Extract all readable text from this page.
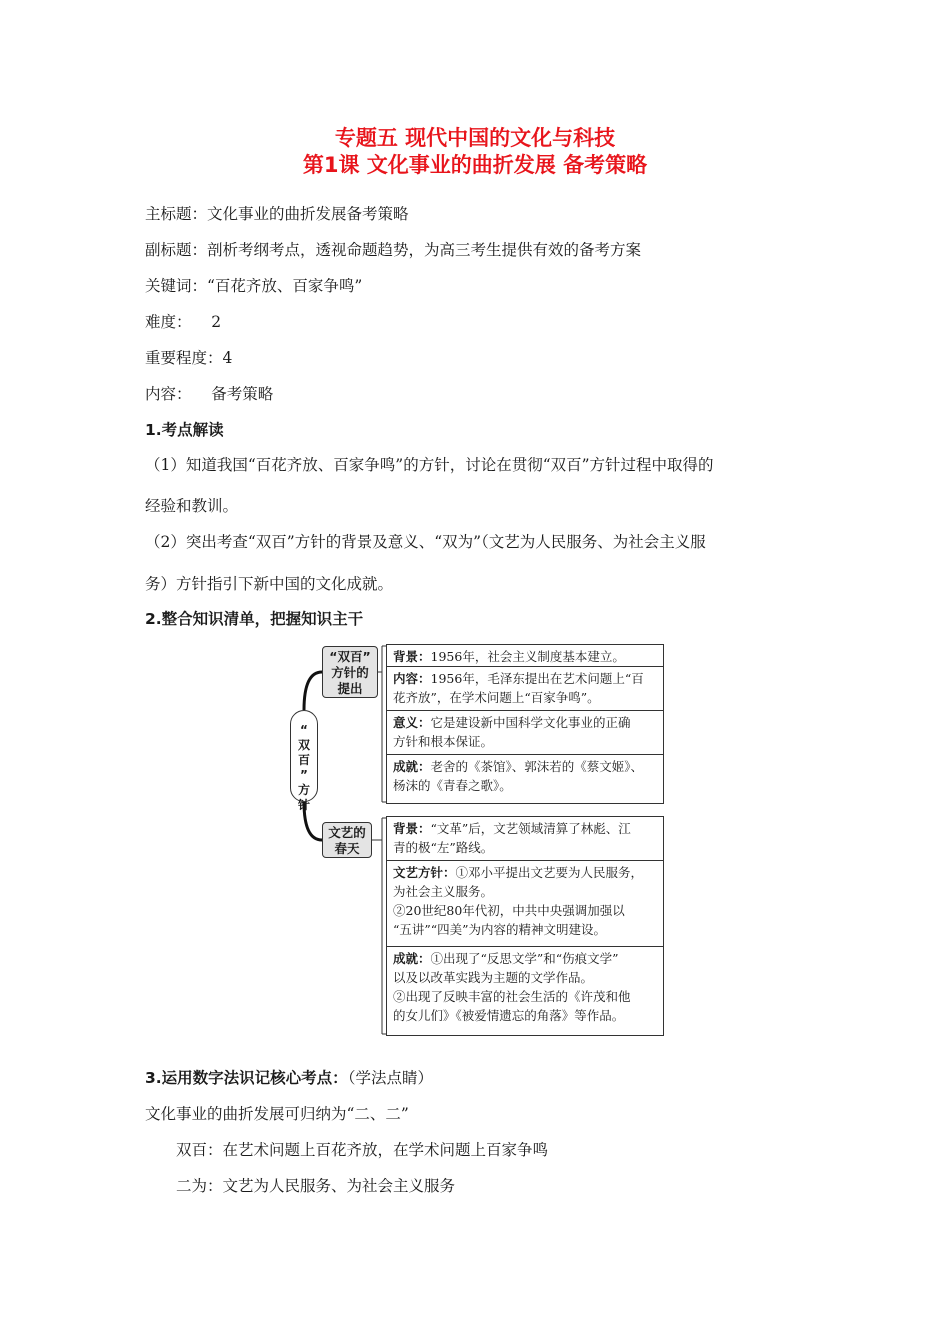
专题五 现代中国的文化与科技
第1课 文化事业的曲折发展 备考策略
主标题：文化事业的曲折发展备考策略
副标题：剖析考纲考点，透视命题趋势，为高三考生提供有效的备考方案
关键词：“百花齐放、百家争鸣”
难度：    2
重要程度：4
内容：    备考策略
1.考点解读
（1）知道我国“百花齐放、百家争鸣”的方针，讨论在贯彻“双百”方针过程中取得的
经验和教训。
（2）突出考查“双百”方针的背景及意义、“双为”（文艺为人民服务、为社会主义服
务）方针指引下新中国的文化成就。
2.整合知识清单，把握知识主干
“
双
百
”
方
针
“双百”
方针的
提出
文艺的
春天
背景：1956年，社会主义制度基本建立。
内容：1956年，毛泽东提出在艺术问题上“百
花齐放”，在学术问题上“百家争鸣”。
意义：它是建设新中国科学文化事业的正确
方针和根本保证。
成就：老舍的《茶馆》、郭沫若的《蔡文姬》、
杨沫的《青春之歌》。
背景：“文革”后，文艺领域清算了林彪、江
青的极“左”路线。
文艺方针：①邓小平提出文艺要为人民服务，
为社会主义服务。
②20世纪80年代初，中共中央强调加强以
“五讲”“四美”为内容的精神文明建设。
成就：①出现了“反思文学”和“伤痕文学”
以及以改革实践为主题的文学作品。
②出现了反映丰富的社会生活的《许茂和他
的女儿们》《被爱情遗忘的角落》等作品。
3.运用数字法识记核心考点：（学法点睛）
文化事业的曲折发展可归纳为“二、二”
双百：在艺术问题上百花齐放，在学术问题上百家争鸣
二为：文艺为人民服务、为社会主义服务
